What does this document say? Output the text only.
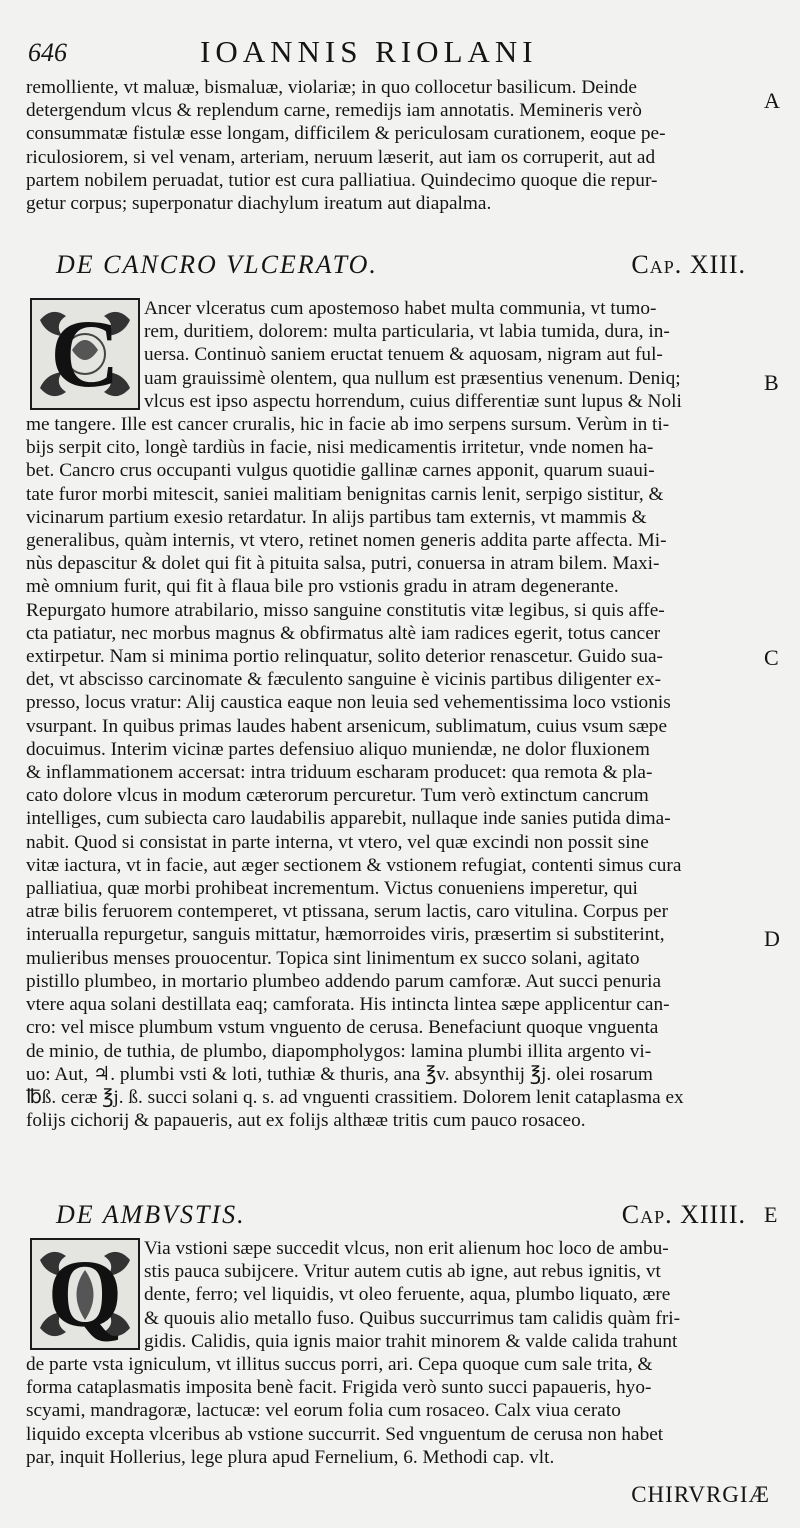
646	IOANNIS RIOLANI
remolliente, vt maluæ, bismaluæ, violariæ; in quo collocetur basilicum. Deinde
detergendum vlcus & replendum carne, remedijs iam annotatis. Memineris verò
consummatæ fistulæ esse longam, difficilem & periculosam curationem, eoque pe-
riculosiorem, si vel venam, arteriam, neruum læserit, aut iam os corruperit, aut ad
partem nobilem peruadat, tutior est cura palliatiua. Quindecimo quoque die repur-
getur corpus; superponatur diachylum ireatum aut diapalma.
DE CANCRO VLCERATO.	Cap. XIII.
C	Ancer vlceratus cum apostemoso habet multa communia, vt tumo-
rem, duritiem, dolorem: multa particularia, vt labia tumida, dura, in-
uersa. Continuò saniem eructat tenuem & aquosam, nigram aut ful-
uam grauissimè olentem, qua nullum est præsentius venenum. Deniq;
vlcus est ipso aspectu horrendum, cuius differentiæ sunt lupus & Noli
me tangere. Ille est cancer cruralis, hic in facie ab imo serpens sursum. Verùm in ti-
bijs serpit cito, longè tardiùs in facie, nisi medicamentis irritetur, vnde nomen ha-
bet. Cancro crus occupanti vulgus quotidie gallinæ carnes apponit, quarum suaui-
tate furor morbi mitescit, saniei malitiam benignitas carnis lenit, serpigo sistitur, &
vicinarum partium exesio retardatur. In alijs partibus tam externis, vt mammis &
generalibus, quàm internis, vt vtero, retinet nomen generis addita parte affecta. Mi-
nùs depascitur & dolet qui fit à pituita salsa, putri, conuersa in atram bilem. Maxi-
mè omnium furit, qui fit à flaua bile pro vstionis gradu in atram degenerante.
Repurgato humore atrabilario, misso sanguine constitutis vitæ legibus, si quis affe-
cta patiatur, nec morbus magnus & obfirmatus altè iam radices egerit, totus cancer
extirpetur. Nam si minima portio relinquatur, solito deterior renascetur. Guido sua-
det, vt abscisso carcinomate & fæculento sanguine è vicinis partibus diligenter ex-
presso, locus vratur: Alij caustica eaque non leuia sed vehementissima loco vstionis
vsurpant. In quibus primas laudes habent arsenicum, sublimatum, cuius vsum sæpe
docuimus. Interim vicinæ partes defensiuo aliquo muniendæ, ne dolor fluxionem
& inflammationem accersat: intra triduum escharam producet: qua remota & pla-
cato dolore vlcus in modum cæterorum percuretur. Tum verò extinctum cancrum
intelliges, cum subiecta caro laudabilis apparebit, nullaque inde sanies putida dima-
nabit. Quod si consistat in parte interna, vt vtero, vel quæ excindi non possit sine
vitæ iactura, vt in facie, aut æger sectionem & vstionem refugiat, contenti simus cura
palliatiua, quæ morbi prohibeat incrementum. Victus conueniens imperetur, qui
atræ bilis feruorem contemperet, vt ptissana, serum lactis, caro vitulina. Corpus per
interualla repurgetur, sanguis mittatur, hæmorroides viris, præsertim si substiterint,
mulieribus menses prouocentur. Topica sint linimentum ex succo solani, agitato
pistillo plumbeo, in mortario plumbeo addendo parum camforæ. Aut succi penuria
vtere aqua solani destillata eaq; camforata. His intincta lintea sæpe applicentur can-
cro: vel misce plumbum vstum vnguento de cerusa. Benefaciunt quoque vnguenta
de minio, de tuthia, de plumbo, diapompholygos: lamina plumbi illita argento vi-
uo: Aut, ♃. plumbi vsti & loti, tuthiæ & thuris, ana ℥v. absynthij ℥j. olei rosarum
℔ß. ceræ ℥j. ß. succi solani q. s. ad vnguenti crassitiem. Dolorem lenit cataplasma ex
folijs cichorij & papaueris, aut ex folijs althææ tritis cum pauco rosaceo.
DE AMBVSTIS.	Cap. XIIII.
Q	Via vstioni sæpe succedit vlcus, non erit alienum hoc loco de ambu-
stis pauca subijcere. Vritur autem cutis ab igne, aut rebus ignitis, vt
dente, ferro; vel liquidis, vt oleo feruente, aqua, plumbo liquato, ære
& quouis alio metallo fuso. Quibus succurrimus tam calidis quàm fri-
gidis. Calidis, quia ignis maior trahit minorem & valde calida trahunt
de parte vsta igniculum, vt illitus succus porri, ari. Cepa quoque cum sale trita, &
forma cataplasmatis imposita benè facit. Frigida verò sunto succi papaueris, hyo-
scyami, mandragoræ, lactucæ: vel eorum folia cum rosaceo. Calx viua cerato
liquido excepta vlceribus ab vstione succurrit. Sed vnguentum de cerusa non habet
par, inquit Hollerius, lege plura apud Fernelium, 6. Methodi cap. vlt.
A
B
C
D
E
CHIRVRGIÆ
